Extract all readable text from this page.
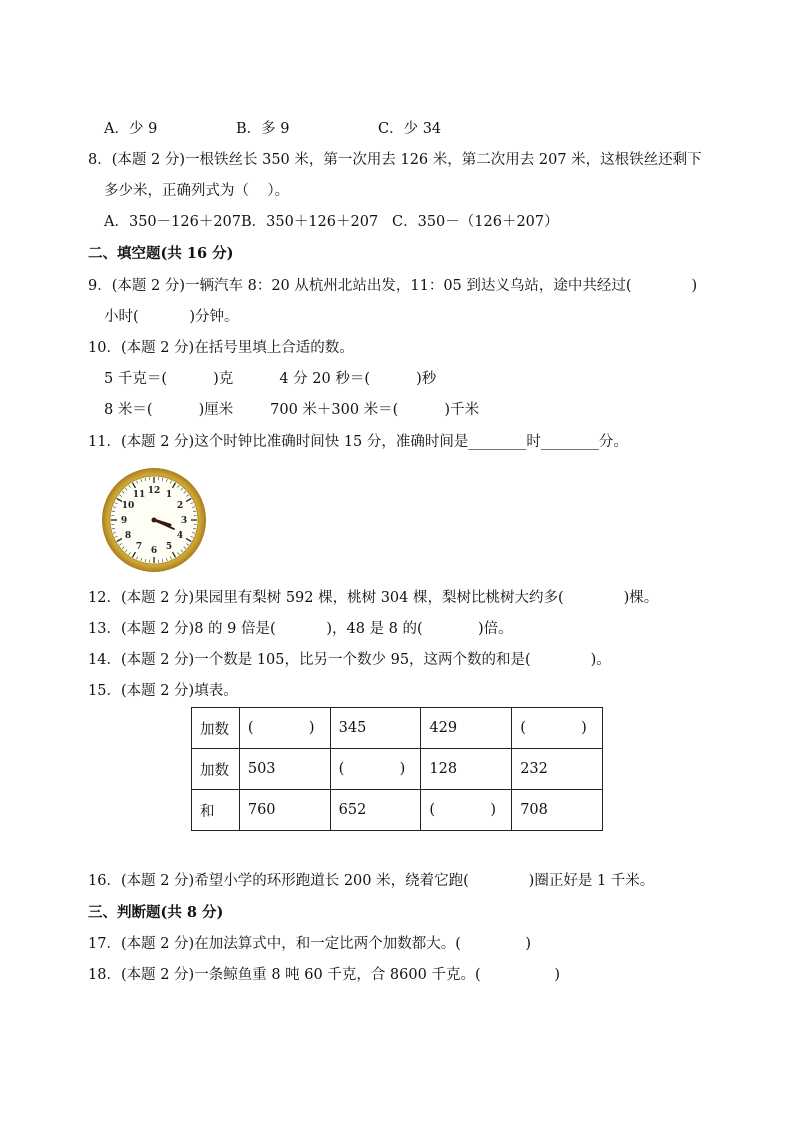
A．少 9	B．多 9	C．少 34
8．(本题 2 分)一根铁丝长 350 米，第一次用去 126 米，第二次用去 207 米，这根铁丝还剩下
多少米，正确列式为（    ）。
A．350－126＋207B．350＋126＋207   C．350－（126＋207）
二、填空题(共 16 分)
9．(本题 2 分)一辆汽车 8：20 从杭州北站出发，11：05 到达义乌站，途中共经过(             )
小时(           )分钟。
10．(本题 2 分)在括号里填上合适的数。
5 千克＝(          )克          4 分 20 秒＝(          )秒
8 米＝(          )厘米        700 米＋300 米＝(          )千米
11．(本题 2 分)这个时钟比准确时间快 15 分，准确时间是________时________分。
12 1
2
3
4
5
6
7
8
9
10
11
12．(本题 2 分)果园里有梨树 592 棵，桃树 304 棵，梨树比桃树大约多(             )棵。
13．(本题 2 分)8 的 9 倍是(           )，48 是 8 的(            )倍。
14．(本题 2 分)一个数是 105，比另一个数少 95，这两个数的和是(             )。
15．(本题 2 分)填表。
加数	(            )	345	429	(            )
加数	503	(            )	128	232
和	760	652	(            )	708
16．(本题 2 分)希望小学的环形跑道长 200 米，绕着它跑(             )圈正好是 1 千米。
三、判断题(共 8 分)
17．(本题 2 分)在加法算式中，和一定比两个加数都大。(              )
18．(本题 2 分)一条鲸鱼重 8 吨 60 千克，合 8600 千克。(                )
